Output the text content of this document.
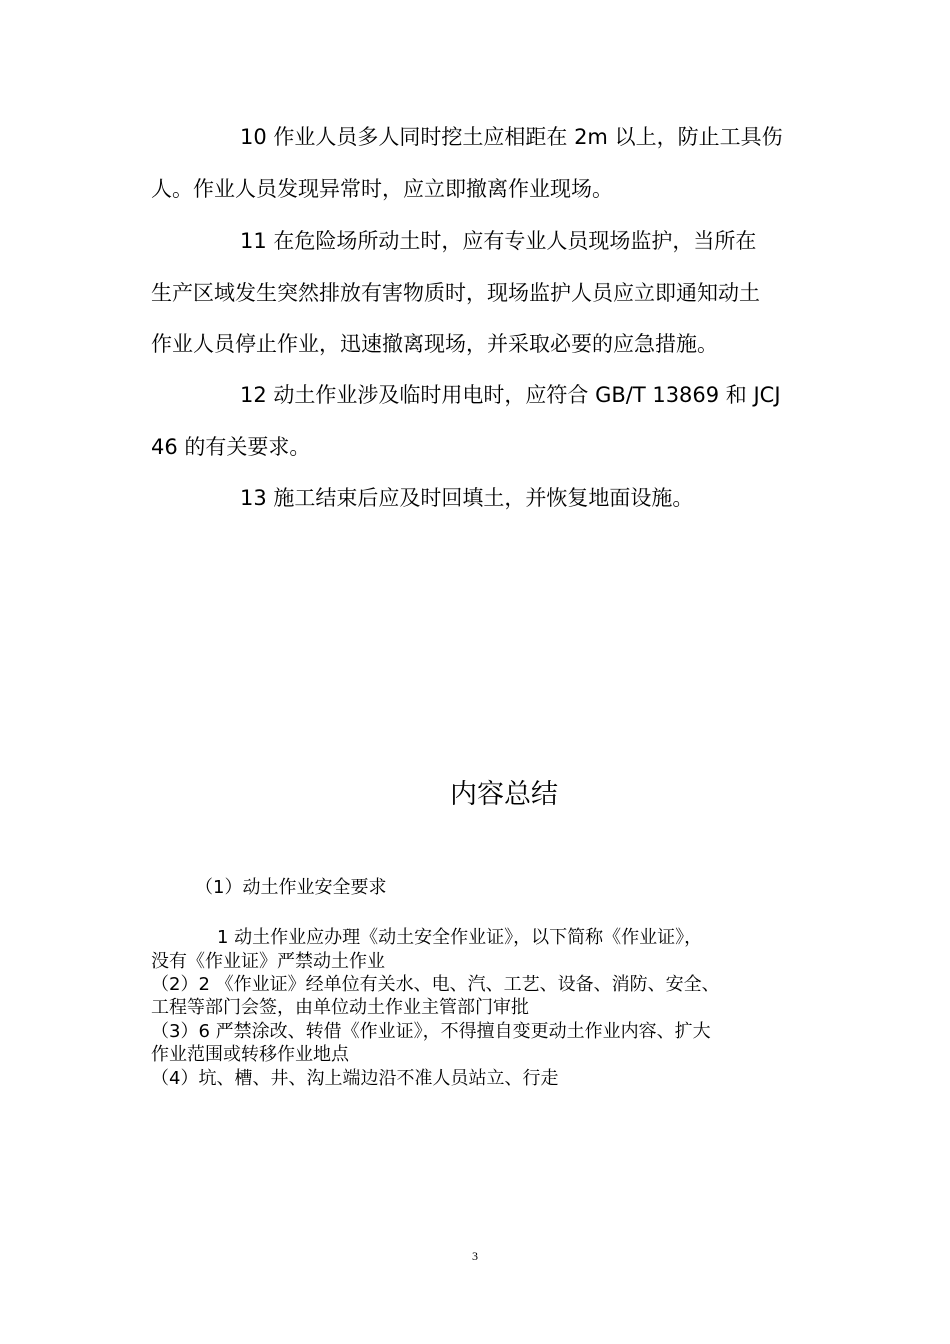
10 作业人员多人同时挖土应相距在 2m 以上，防止工具伤
人。作业人员发现异常时，应立即撤离作业现场。
11 在危险场所动土时，应有专业人员现场监护，当所在
生产区域发生突然排放有害物质时，现场监护人员应立即通知动土
作业人员停止作业，迅速撤离现场，并采取必要的应急措施。
12 动土作业涉及临时用电时，应符合 GB/T 13869 和 JCJ
46 的有关要求。
13 施工结束后应及时回填土，并恢复地面设施。
内容总结
（1）动土作业安全要求
1 动土作业应办理《动土安全作业证》，以下简称《作业证》，
没有《作业证》严禁动土作业
（2）2 《作业证》经单位有关水、电、汽、工艺、设备、消防、安全、
工程等部门会签，由单位动土作业主管部门审批
（3）6 严禁涂改、转借《作业证》，不得擅自变更动土作业内容、扩大
作业范围或转移作业地点
（4）坑、槽、井、沟上端边沿不准人员站立、行走
3
